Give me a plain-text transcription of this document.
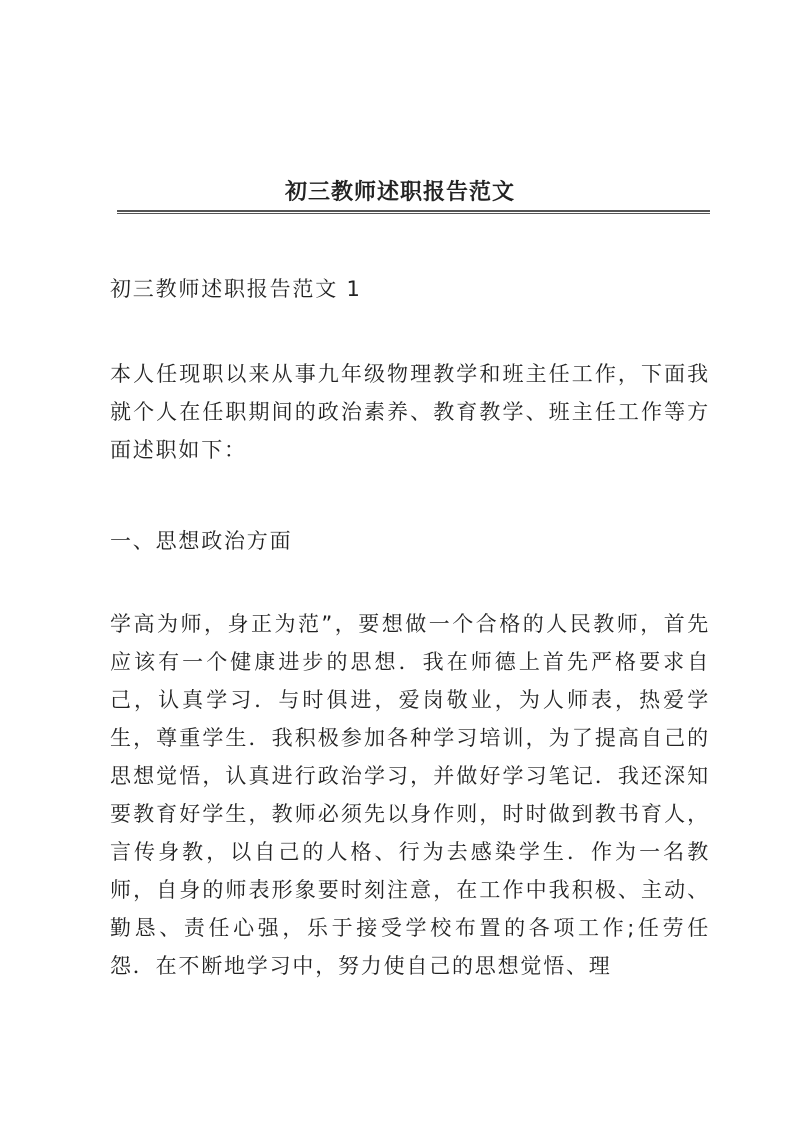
初三教师述职报告范文

初三教师述职报告范文 1

本人任现职以来从事九年级物理教学和班主任工作，下面我就个人在任职期间的政治素养、教育教学、班主任工作等方面述职如下：

一、思想政治方面

学高为师，身正为范”，要想做一个合格的人民教师，首先应该有一个健康进步的思想．我在师德上首先严格要求自己，认真学习．与时俱进，爱岗敬业，为人师表，热爱学生，尊重学生．我积极参加各种学习培训，为了提高自己的思想觉悟，认真进行政治学习，并做好学习笔记．我还深知要教育好学生，教师必须先以身作则，时时做到教书育人，言传身教，以自己的人格、行为去感染学生．作为一名教师，自身的师表形象要时刻注意，在工作中我积极、主动、勤恳、责任心强，乐于接受学校布置的各项工作;任劳任怨．在不断地学习中，努力使自己的思想觉悟、理
